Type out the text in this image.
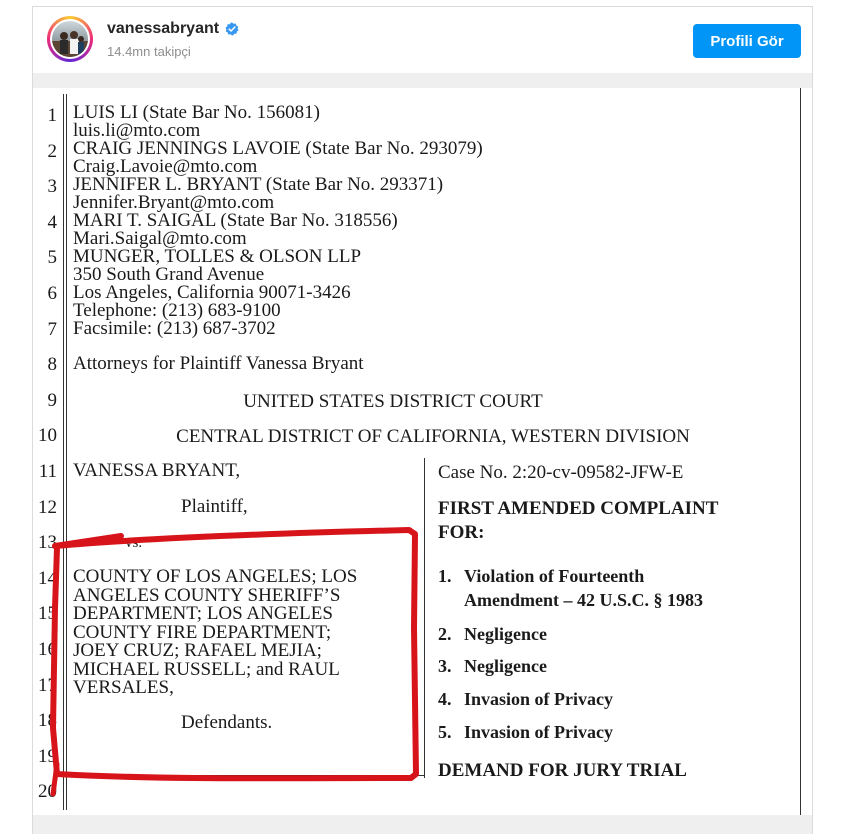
vanessabryant
14.4mn takipçi
Profili Gör
1
2
3
4
5
6
7
8
9
10
11
12
13
14
15
16
17
18
19
20
LUIS LI (State Bar No. 156081)
luis.li@mto.com
CRAIG JENNINGS LAVOIE (State Bar No. 293079)
Craig.Lavoie@mto.com
JENNIFER L. BRYANT (State Bar No. 293371)
Jennifer.Bryant@mto.com
MARI T. SAIGAL (State Bar No. 318556)
Mari.Saigal@mto.com
MUNGER, TOLLES & OLSON LLP
350 South Grand Avenue
Los Angeles, California 90071-3426
Telephone: (213) 683-9100
Facsimile: (213) 687-3702
Attorneys for Plaintiff Vanessa Bryant
UNITED STATES DISTRICT COURT
CENTRAL DISTRICT OF CALIFORNIA, WESTERN DIVISION
VANESSA BRYANT,
Plaintiff,
vs.
COUNTY OF LOS ANGELES; LOS
ANGELES COUNTY SHERIFF’S
DEPARTMENT; LOS ANGELES
COUNTY FIRE DEPARTMENT;
JOEY CRUZ; RAFAEL MEJIA;
MICHAEL RUSSELL; and RAUL
VERSALES,
Defendants.
Case No. 2:20-cv-09582-JFW-E
FIRST AMENDED COMPLAINT
FOR:
1. Violation of Fourteenth
Amendment – 42 U.S.C. § 1983
2. Negligence
3. Negligence
4. Invasion of Privacy
5. Invasion of Privacy
DEMAND FOR JURY TRIAL
